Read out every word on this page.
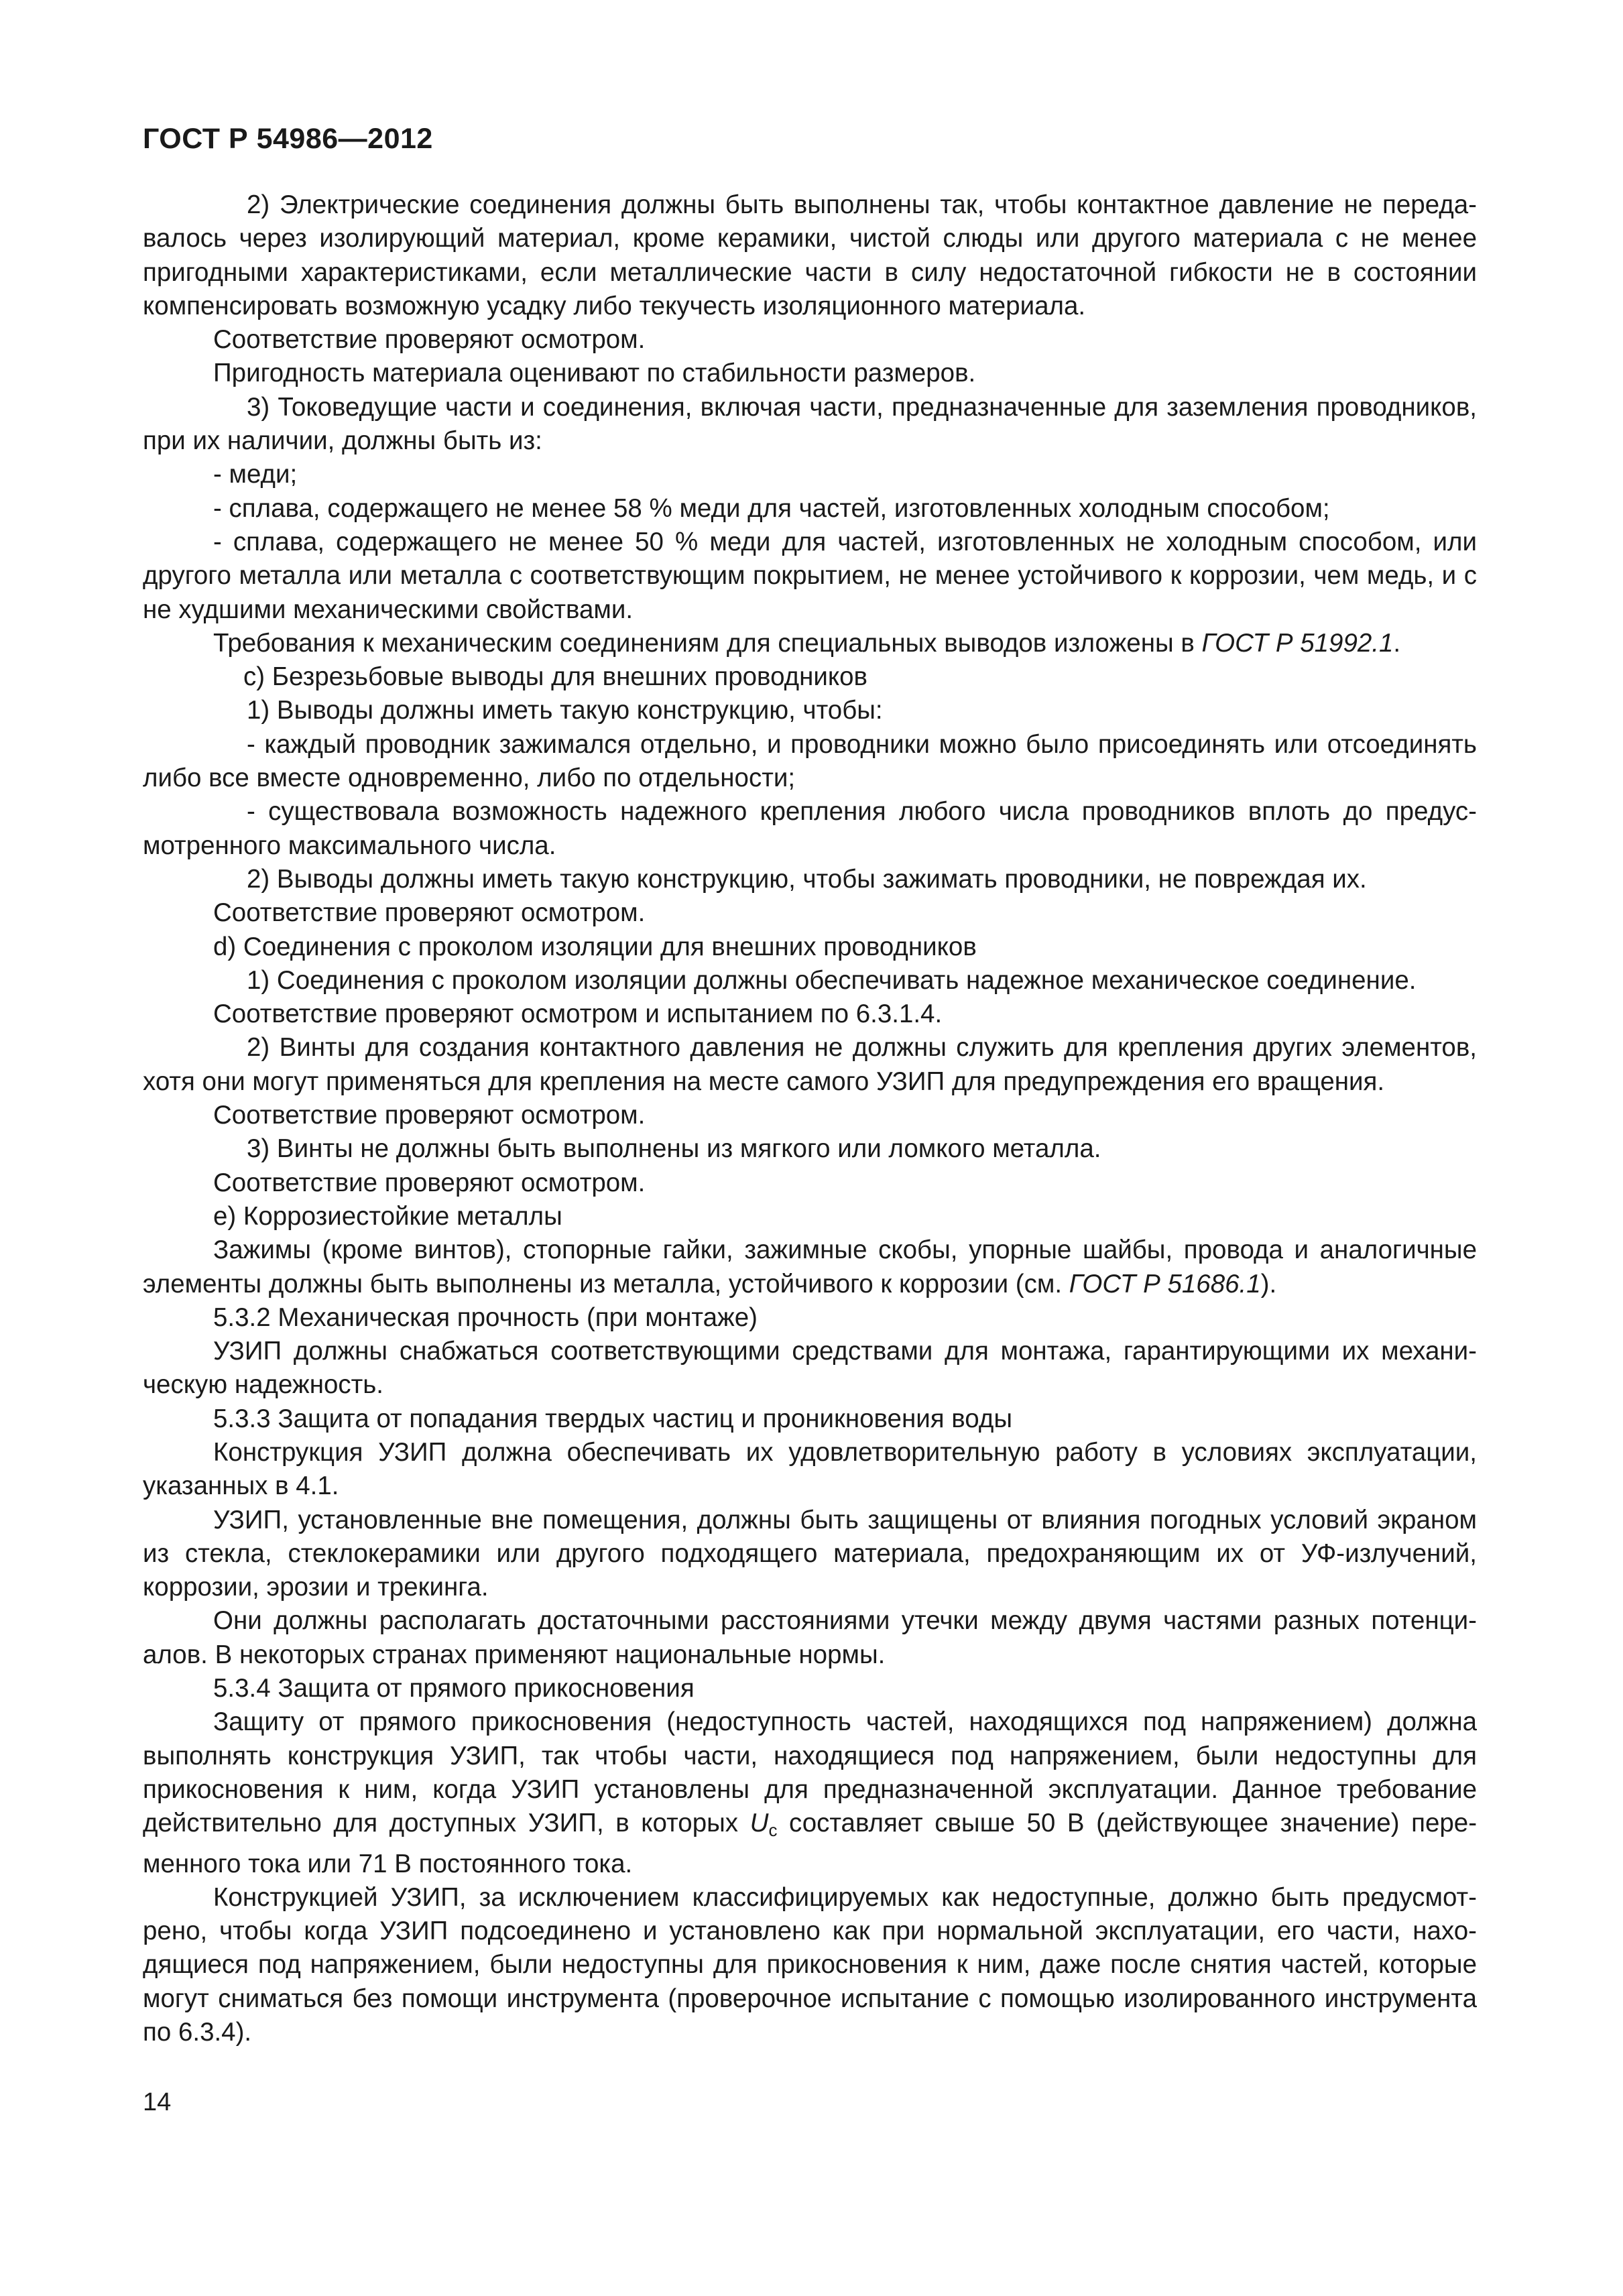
ГОСТ Р 54986—2012

2) Электрические соединения должны быть выполнены так, чтобы контактное давление не передавалось через изолирующий материал, кроме керамики, чистой слюды или другого материала с не менее пригодными характеристиками, если металлические части в силу недостаточной гибкости не в состоянии компенсировать возможную усадку либо текучесть изоляционного материала.

Соответствие проверяют осмотром.

Пригодность материала оценивают по стабильности размеров.

3) Токоведущие части и соединения, включая части, предназначенные для заземления проводников, при их наличии, должны быть из:

- меди;

- сплава, содержащего не менее 58 % меди для частей, изготовленных холодным способом;

- сплава, содержащего не менее 50 % меди для частей, изготовленных не холодным способом, или другого металла или металла с соответствующим покрытием, не менее устойчивого к коррозии, чем медь, и с не худшими механическими свойствами.

Требования к механическим соединениям для специальных выводов изложены в ГОСТ Р 51992.1.

c) Безрезьбовые выводы для внешних проводников

1) Выводы должны иметь такую конструкцию, чтобы:

- каждый проводник зажимался отдельно, и проводники можно было присоединять или отсоединять либо все вместе одновременно, либо по отдельности;

- существовала возможность надежного крепления любого числа проводников вплоть до предусмотренного максимального числа.

2) Выводы должны иметь такую конструкцию, чтобы зажимать проводники, не повреждая их.

Соответствие проверяют осмотром.

d) Соединения с проколом изоляции для внешних проводников

1) Соединения с проколом изоляции должны обеспечивать надежное механическое соединение.

Соответствие проверяют осмотром и испытанием по 6.3.1.4.

2) Винты для создания контактного давления не должны служить для крепления других элементов, хотя они могут применяться для крепления на месте самого УЗИП для предупреждения его вращения.

Соответствие проверяют осмотром.

3) Винты не должны быть выполнены из мягкого или ломкого металла.

Соответствие проверяют осмотром.

e) Коррозиестойкие металлы

Зажимы (кроме винтов), стопорные гайки, зажимные скобы, упорные шайбы, провода и аналогичные элементы должны быть выполнены из металла, устойчивого к коррозии (см. ГОСТ Р 51686.1).

5.3.2 Механическая прочность (при монтаже)

УЗИП должны снабжаться соответствующими средствами для монтажа, гарантирующими их механическую надежность.

5.3.3 Защита от попадания твердых частиц и проникновения воды

Конструкция УЗИП должна обеспечивать их удовлетворительную работу в условиях эксплуатации, указанных в 4.1.

УЗИП, установленные вне помещения, должны быть защищены от влияния погодных условий экраном из стекла, стеклокерамики или другого подходящего материала, предохраняющим их от УФ-излучений, коррозии, эрозии и трекинга.

Они должны располагать достаточными расстояниями утечки между двумя частями разных потенциалов. В некоторых странах применяют национальные нормы.

5.3.4 Защита от прямого прикосновения

Защиту от прямого прикосновения (недоступность частей, находящихся под напряжением) должна выполнять конструкция УЗИП, так чтобы части, находящиеся под напряжением, были недоступны для прикосновения к ним, когда УЗИП установлены для предназначенной эксплуатации. Данное требование действительно для доступных УЗИП, в которых $U_c$ составляет свыше 50 В (действующее значение) переменного тока или 71 В постоянного тока.

Конструкцией УЗИП, за исключением классифицируемых как недоступные, должно быть предусмотрено, чтобы когда УЗИП подсоединено и установлено как при нормальной эксплуатации, его части, находящиеся под напряжением, были недоступны для прикосновения к ним, даже после снятия частей, которые могут сниматься без помощи инструмента (проверочное испытание с помощью изолированного инструмента по 6.3.4).

14
